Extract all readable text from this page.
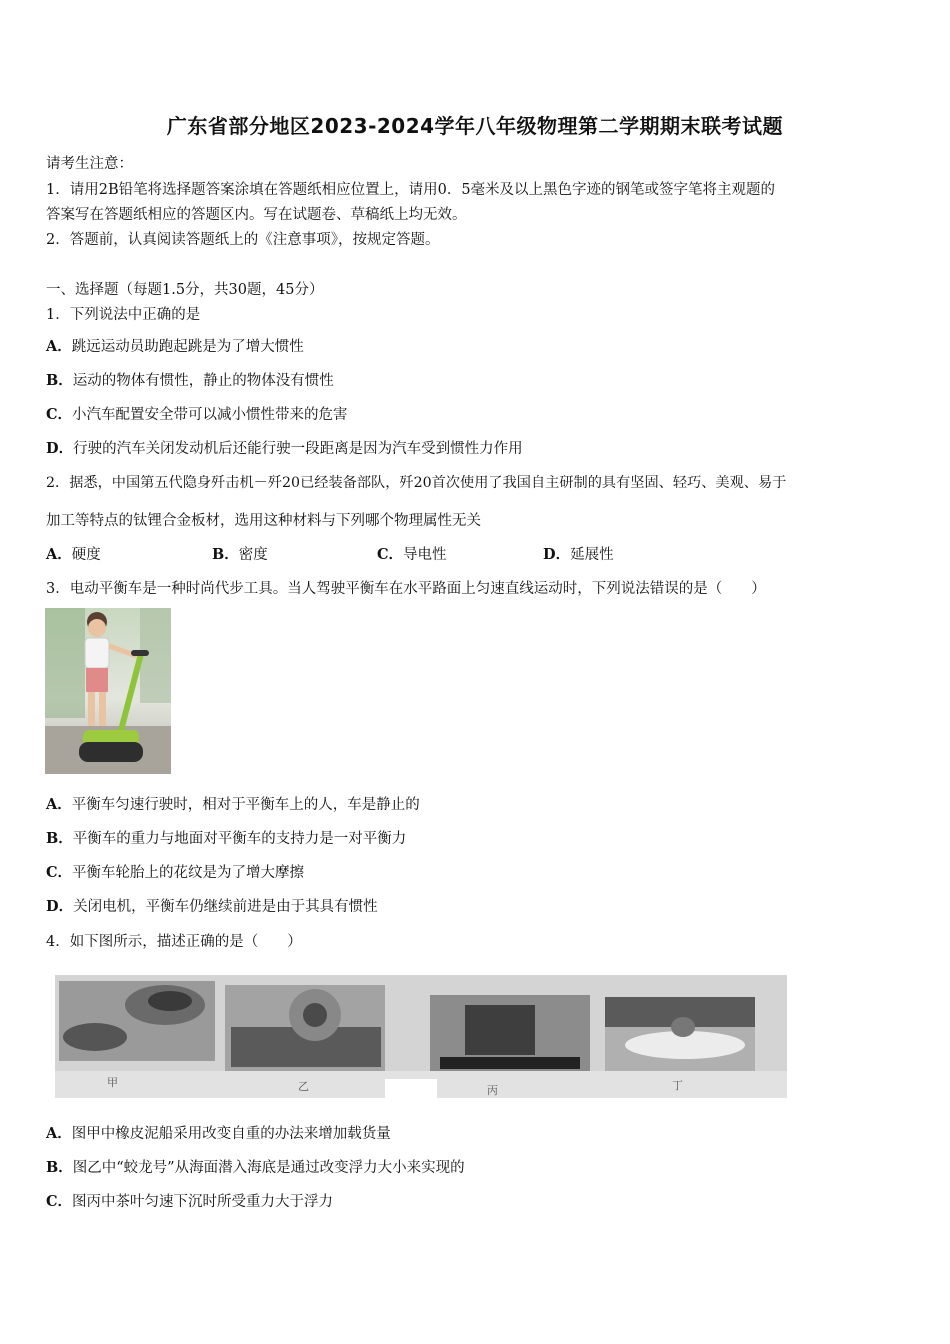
广东省部分地区2023-2024学年八年级物理第二学期期末联考试题
请考生注意：
1．请用2B铅笔将选择题答案涂填在答题纸相应位置上，请用0．5毫米及以上黑色字迹的钢笔或签字笔将主观题的
答案写在答题纸相应的答题区内。写在试题卷、草稿纸上均无效。
2．答题前，认真阅读答题纸上的《注意事项》，按规定答题。
一、选择题（每题1.5分，共30题，45分）
1．下列说法中正确的是
A．跳远运动员助跑起跳是为了增大惯性
B．运动的物体有惯性，静止的物体没有惯性
C．小汽车配置安全带可以减小惯性带来的危害
D．行驶的汽车关闭发动机后还能行驶一段距离是因为汽车受到惯性力作用
2．据悉，中国第五代隐身歼击机－歼20已经装备部队，歼20首次使用了我国自主研制的具有坚固、轻巧、美观、易于
加工等特点的钛锂合金板材，选用这种材料与下列哪个物理属性无关
A．硬度	B．密度	C．导电性	D．延展性
3．电动平衡车是一种时尚代步工具。当人驾驶平衡车在水平路面上匀速直线运动时，下列说法错误的是（　　）
A．平衡车匀速行驶时，相对于平衡车上的人，车是静止的
B．平衡车的重力与地面对平衡车的支持力是一对平衡力
C．平衡车轮胎上的花纹是为了增大摩擦
D．关闭电机，平衡车仍继续前进是由于其具有惯性
4．如下图所示，描述正确的是（　　）
甲	乙	丙	丁
A．图甲中橡皮泥船采用改变自重的办法来增加载货量
B．图乙中“蛟龙号”从海面潜入海底是通过改变浮力大小来实现的
C．图丙中茶叶匀速下沉时所受重力大于浮力
